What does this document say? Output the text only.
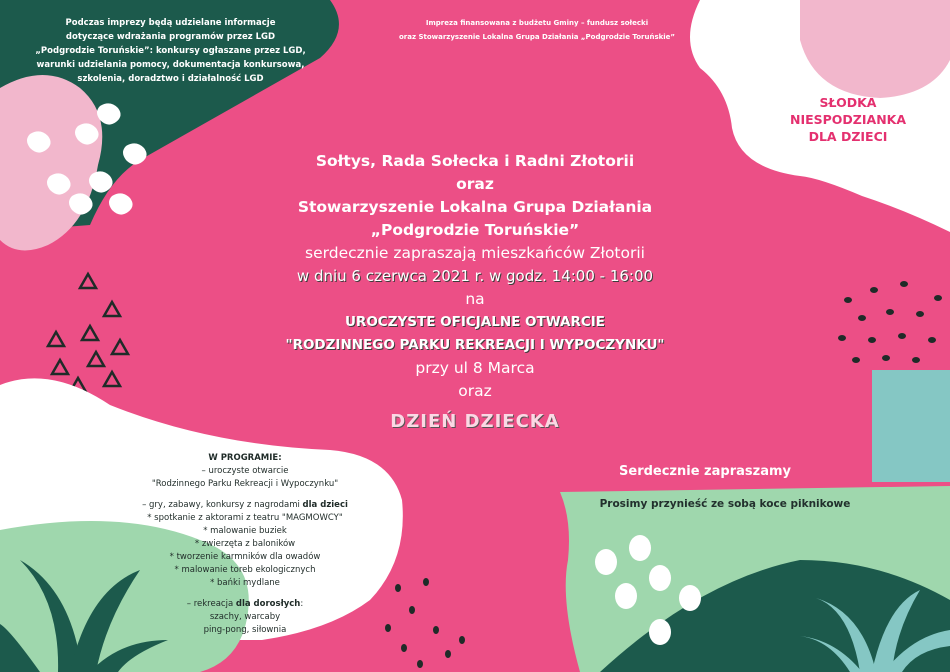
Podczas imprezy będą udzielane informacje
dotyczące wdrażania programów przez LGD
„Podgrodzie Toruńskie”: konkursy ogłaszane przez LGD,
warunki udzielania pomocy, dokumentacja konkursowa,
szkolenia, doradztwo i działalność LGD
Impreza finansowana z budżetu Gminy – fundusz sołecki
oraz Stowarzyszenie Lokalna Grupa Działania „Podgrodzie Toruńskie”
SŁODKA
NIESPODZIANKA
DLA DZIECI
Sołtys, Rada Sołecka i Radni Złotorii
oraz
Stowarzyszenie Lokalna Grupa Działania
„Podgrodzie Toruńskie”
serdecznie zapraszają mieszkańców Złotorii
w dniu 6 czerwca 2021 r. w godz. 14:00 - 16:00
na
UROCZYSTE OFICJALNE OTWARCIE
"RODZINNEGO PARKU REKREACJI I WYPOCZYNKU"
przy ul 8 Marca
oraz
DZIEŃ DZIECKA
Serdecznie zapraszamy
Prosimy przynieść ze sobą koce piknikowe
W PROGRAMIE:
– uroczyste otwarcie
"Rodzinnego Parku Rekreacji i Wypoczynku"
– gry, zabawy, konkursy z nagrodami dla dzieci
* spotkanie z aktorami z teatru "MAGMOWCY"
* malowanie buziek
* zwierzęta z baloników
* tworzenie karmników dla owadów
* malowanie toreb ekologicznych
* bańki mydlane
– rekreacja dla dorosłych:
szachy, warcaby
ping-pong, siłownia
